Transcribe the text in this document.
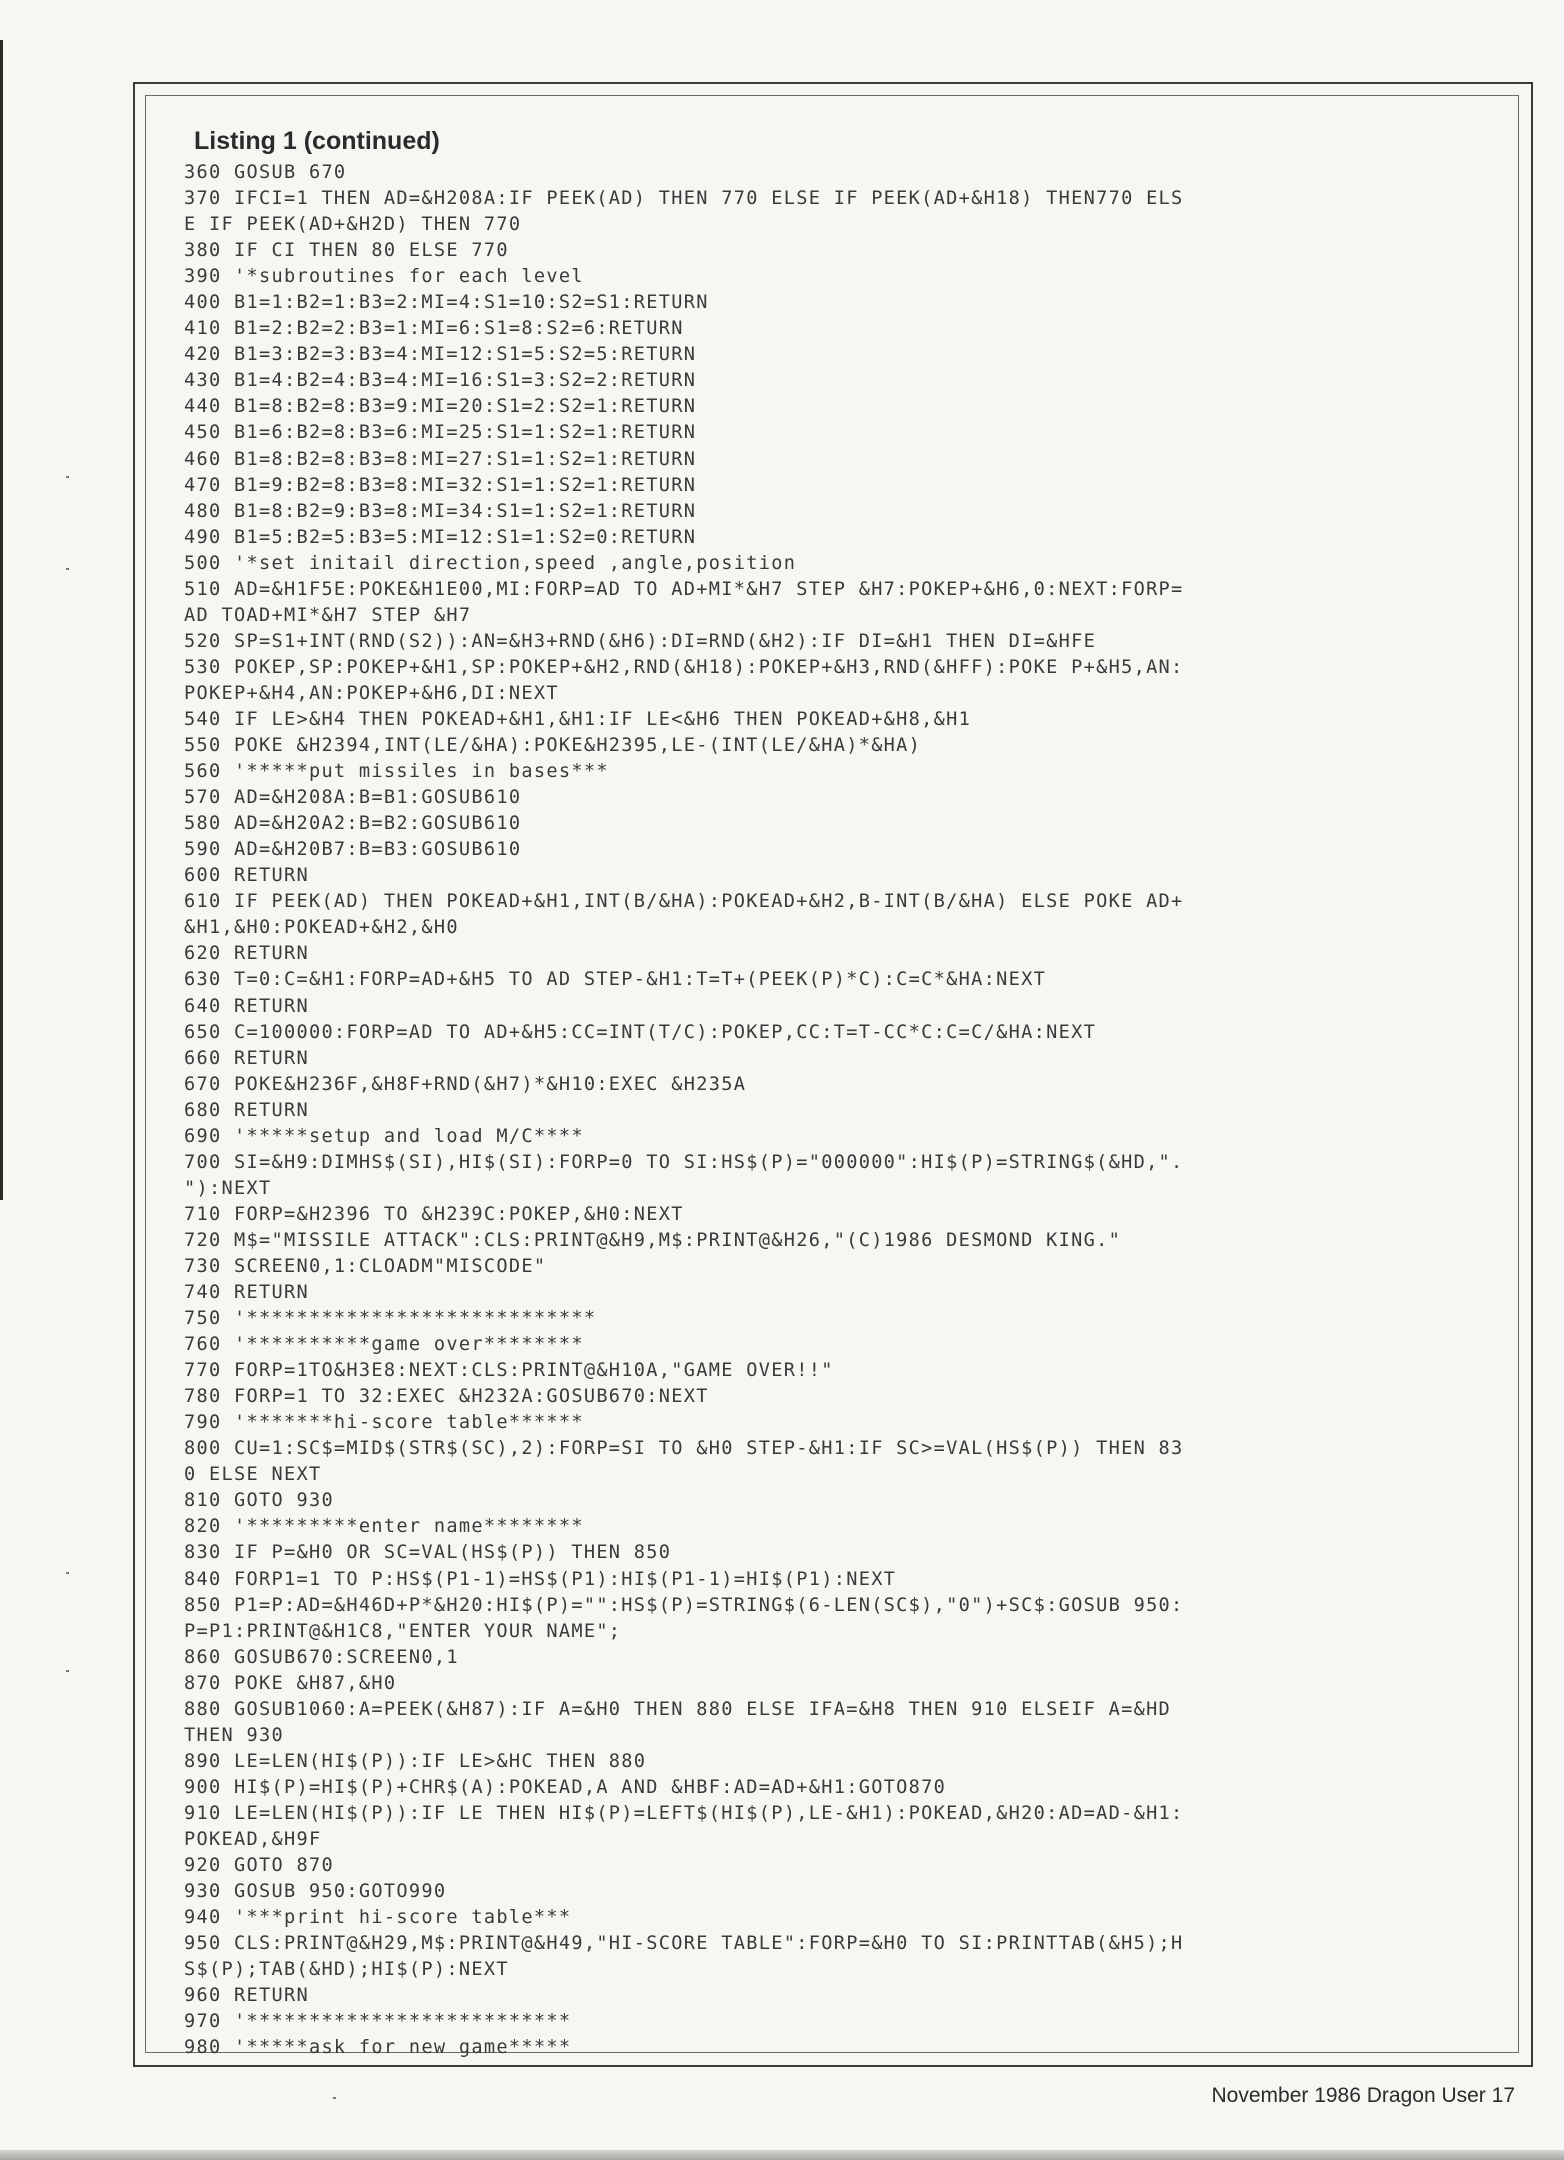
Listing 1 (continued)
360 GOSUB 670
370 IFCI=1 THEN AD=&H208A:IF PEEK(AD) THEN 770 ELSE IF PEEK(AD+&H18) THEN770 ELS
E IF PEEK(AD+&H2D) THEN 770
380 IF CI THEN 80 ELSE 770
390 '*subroutines for each level
400 B1=1:B2=1:B3=2:MI=4:S1=10:S2=S1:RETURN
410 B1=2:B2=2:B3=1:MI=6:S1=8:S2=6:RETURN
420 B1=3:B2=3:B3=4:MI=12:S1=5:S2=5:RETURN
430 B1=4:B2=4:B3=4:MI=16:S1=3:S2=2:RETURN
440 B1=8:B2=8:B3=9:MI=20:S1=2:S2=1:RETURN
450 B1=6:B2=8:B3=6:MI=25:S1=1:S2=1:RETURN
460 B1=8:B2=8:B3=8:MI=27:S1=1:S2=1:RETURN
470 B1=9:B2=8:B3=8:MI=32:S1=1:S2=1:RETURN
480 B1=8:B2=9:B3=8:MI=34:S1=1:S2=1:RETURN
490 B1=5:B2=5:B3=5:MI=12:S1=1:S2=0:RETURN
500 '*set initail direction,speed ,angle,position
510 AD=&H1F5E:POKE&H1E00,MI:FORP=AD TO AD+MI*&H7 STEP &H7:POKEP+&H6,0:NEXT:FORP=
AD TOAD+MI*&H7 STEP &H7
520 SP=S1+INT(RND(S2)):AN=&H3+RND(&H6):DI=RND(&H2):IF DI=&H1 THEN DI=&HFE
530 POKEP,SP:POKEP+&H1,SP:POKEP+&H2,RND(&H18):POKEP+&H3,RND(&HFF):POKE P+&H5,AN:
POKEP+&H4,AN:POKEP+&H6,DI:NEXT
540 IF LE>&H4 THEN POKEAD+&H1,&H1:IF LE<&H6 THEN POKEAD+&H8,&H1
550 POKE &H2394,INT(LE/&HA):POKE&H2395,LE-(INT(LE/&HA)*&HA)
560 '*****put missiles in bases***
570 AD=&H208A:B=B1:GOSUB610
580 AD=&H20A2:B=B2:GOSUB610
590 AD=&H20B7:B=B3:GOSUB610
600 RETURN
610 IF PEEK(AD) THEN POKEAD+&H1,INT(B/&HA):POKEAD+&H2,B-INT(B/&HA) ELSE POKE AD+
&H1,&H0:POKEAD+&H2,&H0
620 RETURN
630 T=0:C=&H1:FORP=AD+&H5 TO AD STEP-&H1:T=T+(PEEK(P)*C):C=C*&HA:NEXT
640 RETURN
650 C=100000:FORP=AD TO AD+&H5:CC=INT(T/C):POKEP,CC:T=T-CC*C:C=C/&HA:NEXT
660 RETURN
670 POKE&H236F,&H8F+RND(&H7)*&H10:EXEC &H235A
680 RETURN
690 '*****setup and load M/C****
700 SI=&H9:DIMHS$(SI),HI$(SI):FORP=0 TO SI:HS$(P)="000000":HI$(P)=STRING$(&HD,".
"):NEXT
710 FORP=&H2396 TO &H239C:POKEP,&H0:NEXT
720 M$="MISSILE ATTACK":CLS:PRINT@&H9,M$:PRINT@&H26,"(C)1986 DESMOND KING."
730 SCREEN0,1:CLOADM"MISCODE"
740 RETURN
750 '****************************
760 '**********game over********
770 FORP=1TO&H3E8:NEXT:CLS:PRINT@&H10A,"GAME OVER!!"
780 FORP=1 TO 32:EXEC &H232A:GOSUB670:NEXT
790 '*******hi-score table******
800 CU=1:SC$=MID$(STR$(SC),2):FORP=SI TO &H0 STEP-&H1:IF SC>=VAL(HS$(P)) THEN 83
0 ELSE NEXT
810 GOTO 930
820 '*********enter name********
830 IF P=&H0 OR SC=VAL(HS$(P)) THEN 850
840 FORP1=1 TO P:HS$(P1-1)=HS$(P1):HI$(P1-1)=HI$(P1):NEXT
850 P1=P:AD=&H46D+P*&H20:HI$(P)="":HS$(P)=STRING$(6-LEN(SC$),"0")+SC$:GOSUB 950:
P=P1:PRINT@&H1C8,"ENTER YOUR NAME";
860 GOSUB670:SCREEN0,1
870 POKE &H87,&H0
880 GOSUB1060:A=PEEK(&H87):IF A=&H0 THEN 880 ELSE IFA=&H8 THEN 910 ELSEIF A=&HD
THEN 930
890 LE=LEN(HI$(P)):IF LE>&HC THEN 880
900 HI$(P)=HI$(P)+CHR$(A):POKEAD,A AND &HBF:AD=AD+&H1:GOTO870
910 LE=LEN(HI$(P)):IF LE THEN HI$(P)=LEFT$(HI$(P),LE-&H1):POKEAD,&H20:AD=AD-&H1:
POKEAD,&H9F
920 GOTO 870
930 GOSUB 950:GOTO990
940 '***print hi-score table***
950 CLS:PRINT@&H29,M$:PRINT@&H49,"HI-SCORE TABLE":FORP=&H0 TO SI:PRINTTAB(&H5);H
S$(P);TAB(&HD);HI$(P):NEXT
960 RETURN
970 '**************************
980 '*****ask for new game*****
November 1986 Dragon User 17
